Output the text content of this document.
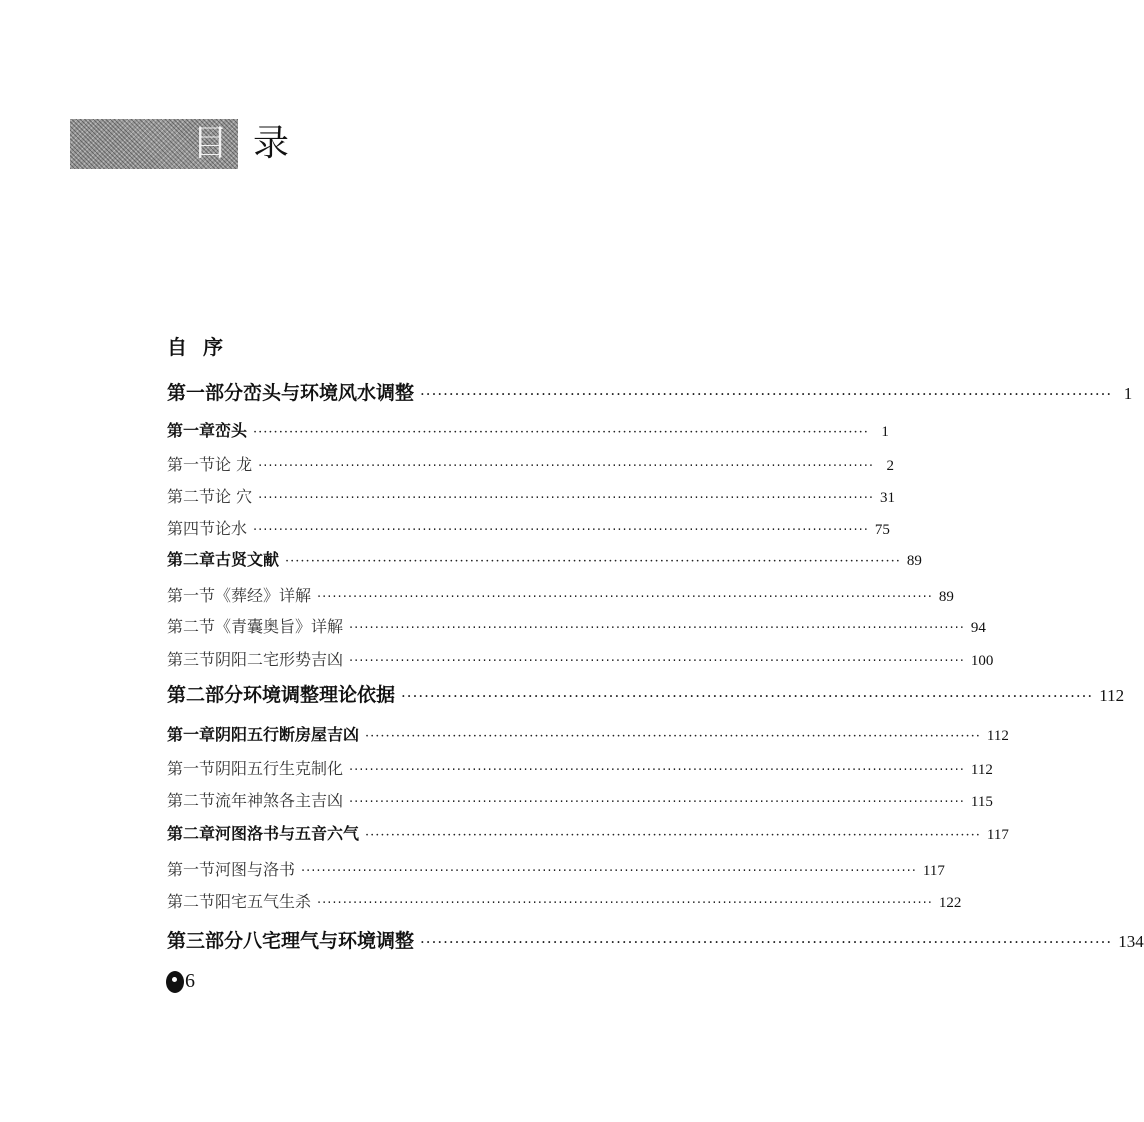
目 录
自序
第一部分 峦头与环境风水调整 ························································································································ 1
第一章 峦头 ························································································································ 1
第一节 论 龙 ························································································································ 2
第二节 论 穴 ························································································································ 31
第四节 论水 ························································································································ 75
第二章 古贤文献 ························································································································ 89
第一节 《葬经》详解 ························································································································ 89
第二节 《青囊奥旨》详解 ························································································································ 94
第三节 阴阳二宅形势吉凶 ························································································································ 100
第二部分 环境调整理论依据 ························································································································ 112
第一章 阴阳五行断房屋吉凶 ························································································································ 112
第一节 阴阳五行生克制化 ························································································································ 112
第二节 流年神煞各主吉凶 ························································································································ 115
第二章 河图洛书与五音六气 ························································································································ 117
第一节 河图与洛书 ························································································································ 117
第二节 阳宅五气生杀 ························································································································ 122
第三部分 八宅理气与环境调整 ························································································································ 134
6
